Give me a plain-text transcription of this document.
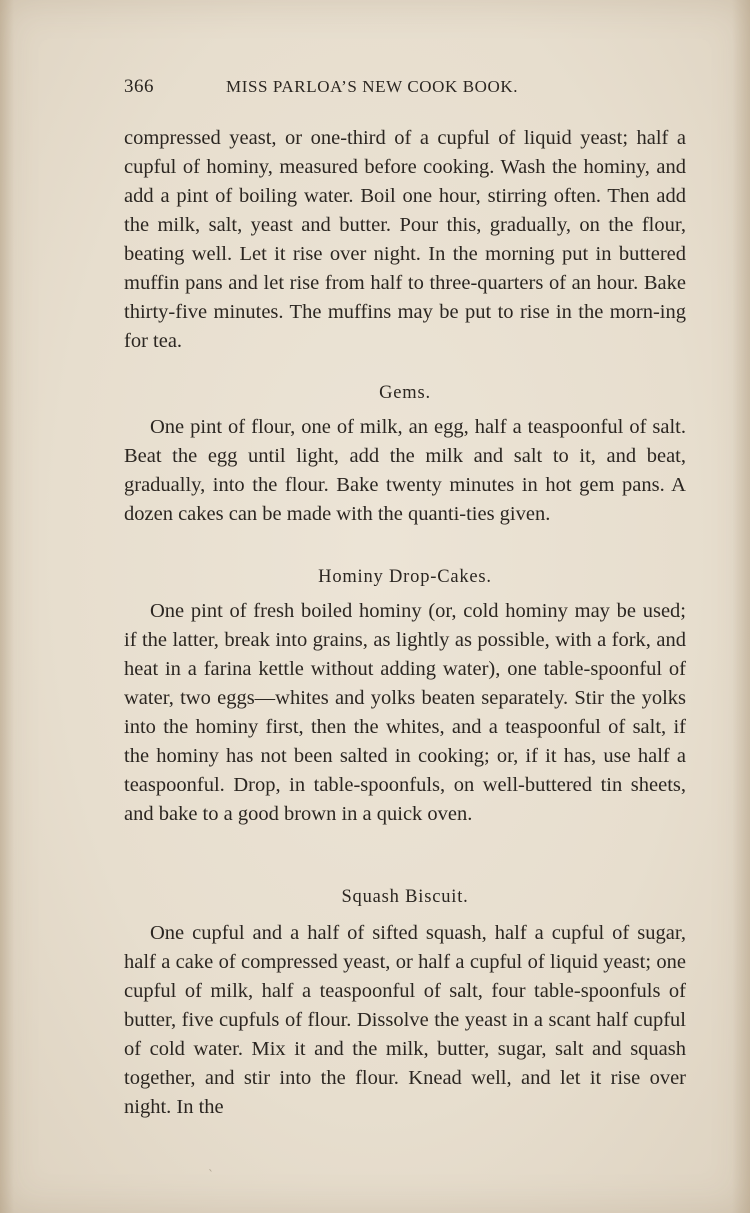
366	MISS PARLOA’S NEW COOK BOOK.

compressed yeast, or one-third of a cupful of liquid yeast; half a cupful of hominy, measured before cooking. Wash the hominy, and add a pint of boiling water. Boil one hour, stirring often. Then add the milk, salt, yeast and butter. Pour this, gradually, on the flour, beating well. Let it rise over night. In the morning put in buttered muffin pans and let rise from half to three-quarters of an hour. Bake thirty-five minutes. The muffins may be put to rise in the morn-ing for tea.

Gems.

One pint of flour, one of milk, an egg, half a teaspoonful of salt. Beat the egg until light, add the milk and salt to it, and beat, gradually, into the flour. Bake twenty minutes in hot gem pans. A dozen cakes can be made with the quanti-ties given.

Hominy Drop-Cakes.

One pint of fresh boiled hominy (or, cold hominy may be used; if the latter, break into grains, as lightly as possible, with a fork, and heat in a farina kettle without adding water), one table-spoonful of water, two eggs—whites and yolks beaten separately. Stir the yolks into the hominy first, then the whites, and a teaspoonful of salt, if the hominy has not been salted in cooking; or, if it has, use half a teaspoonful. Drop, in table-spoonfuls, on well-buttered tin sheets, and bake to a good brown in a quick oven.

Squash Biscuit.

One cupful and a half of sifted squash, half a cupful of sugar, half a cake of compressed yeast, or half a cupful of liquid yeast; one cupful of milk, half a teaspoonful of salt, four table-spoonfuls of butter, five cupfuls of flour. Dissolve the yeast in a scant half cupful of cold water. Mix it and the milk, butter, sugar, salt and squash together, and stir into the flour. Knead well, and let it rise over night. In the

ˋ
